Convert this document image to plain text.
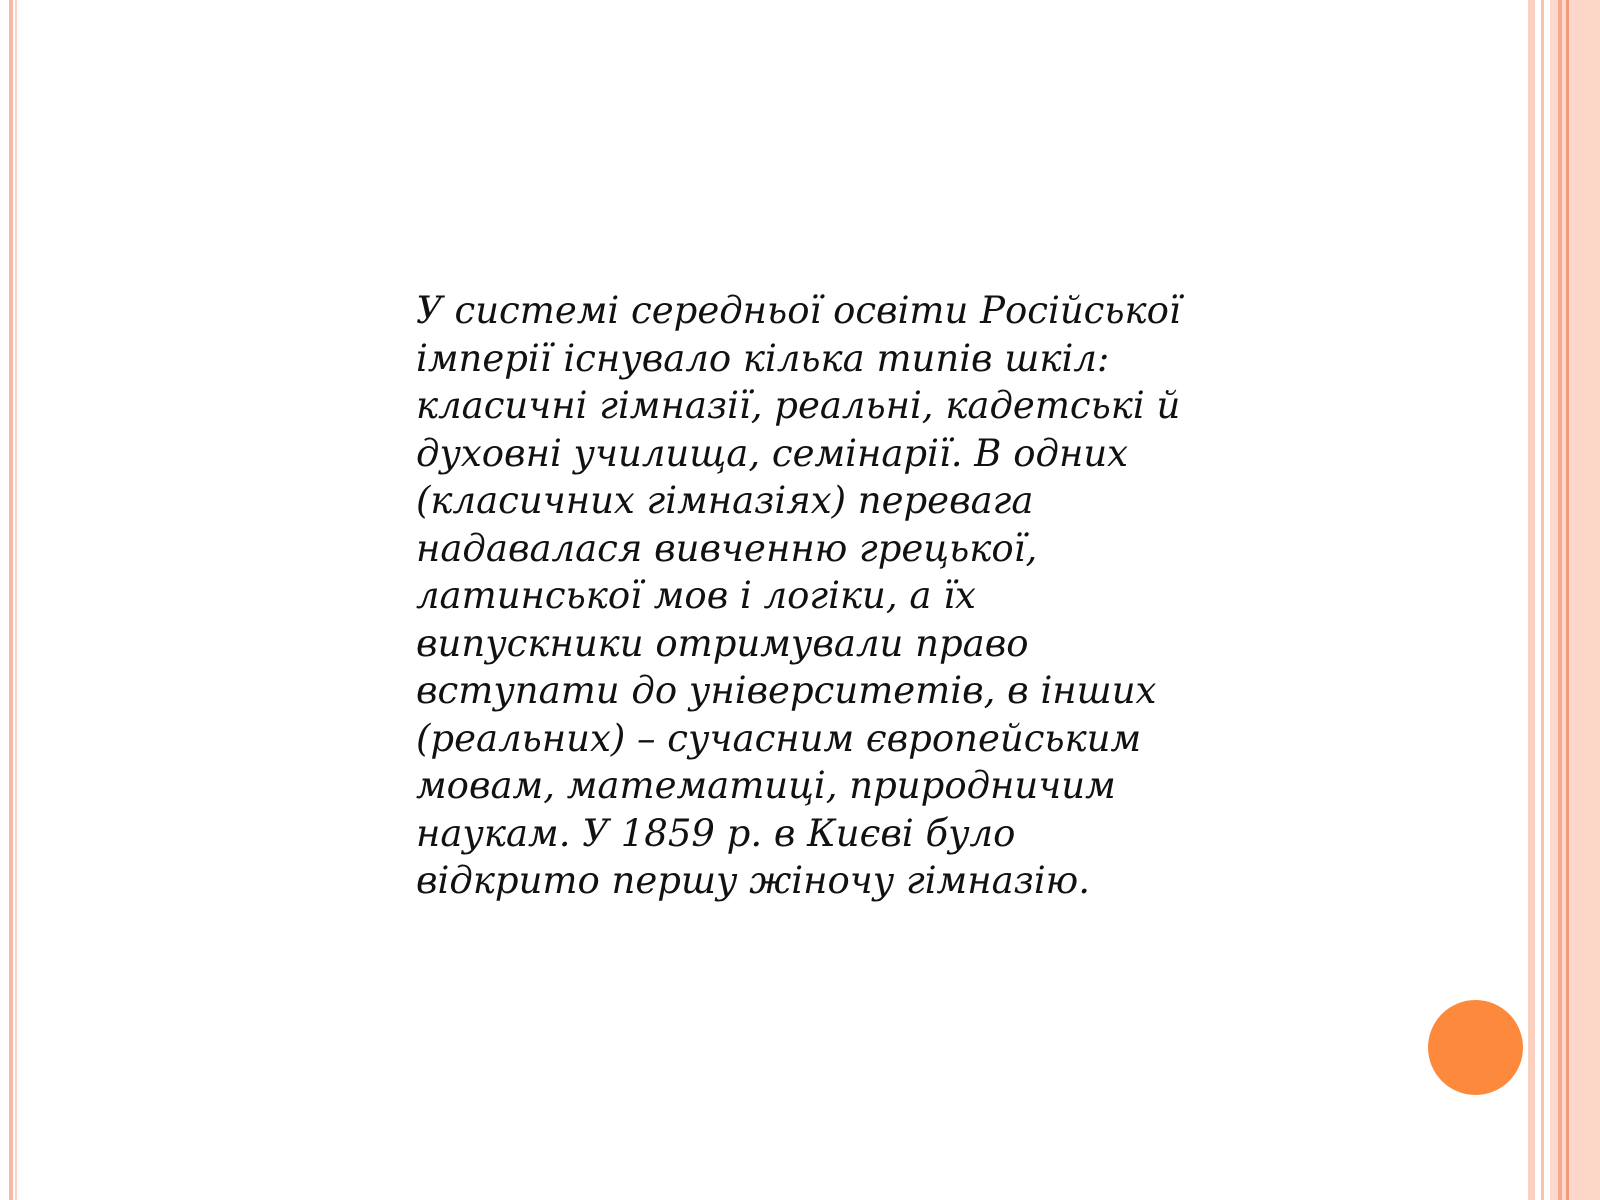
У системі середньої освіти Російської
імперії існувало кілька типів шкіл:
класичні гімназії, реальні, кадетські й
духовні училища, семінарії. В одних
(класичних гімназіях) перевага
надавалася вивченню грецької,
латинської мов і логіки, а їх
випускники отримували право
вступати до університетів, в інших
(реальних) – сучасним європейським
мовам, математиці, природничим
наукам. У 1859 р. в Києві було
відкрито першу жіночу гімназію.
